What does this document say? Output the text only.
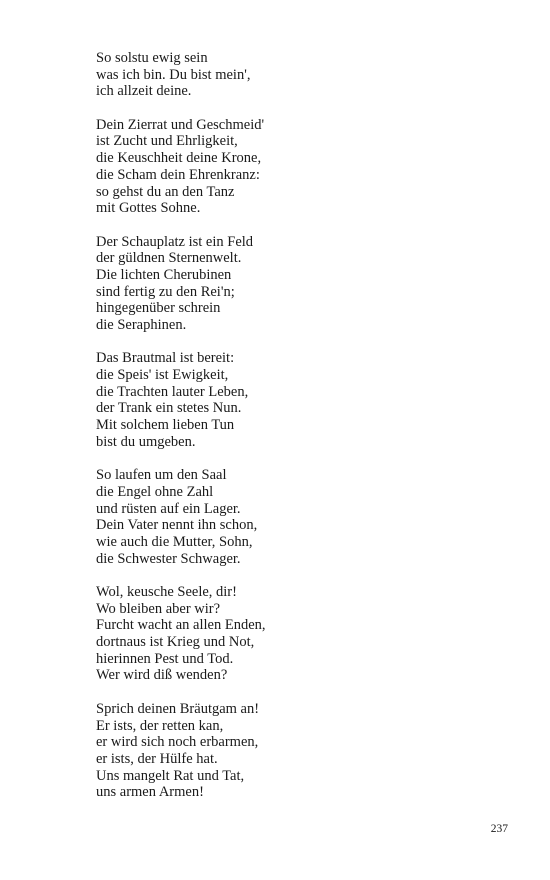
So solstu ewig sein
was ich bin. Du bist mein',
ich allzeit deine.
Dein Zierrat und Geschmeid'
ist Zucht und Ehrligkeit,
die Keuschheit deine Krone,
die Scham dein Ehrenkranz:
so gehst du an den Tanz
mit Gottes Sohne.
Der Schauplatz ist ein Feld
der güldnen Sternenwelt.
Die lichten Cherubinen
sind fertig zu den Rei'n;
hingegenüber schrein
die Seraphinen.
Das Brautmal ist bereit:
die Speis' ist Ewigkeit,
die Trachten lauter Leben,
der Trank ein stetes Nun.
Mit solchem lieben Tun
bist du umgeben.
So laufen um den Saal
die Engel ohne Zahl
und rüsten auf ein Lager.
Dein Vater nennt ihn schon,
wie auch die Mutter, Sohn,
die Schwester Schwager.
Wol, keusche Seele, dir!
Wo bleiben aber wir?
Furcht wacht an allen Enden,
dortnaus ist Krieg und Not,
hierinnen Pest und Tod.
Wer wird diß wenden?
Sprich deinen Bräutgam an!
Er ists, der retten kan,
er wird sich noch erbarmen,
er ists, der Hülfe hat.
Uns mangelt Rat und Tat,
uns armen Armen!
237
